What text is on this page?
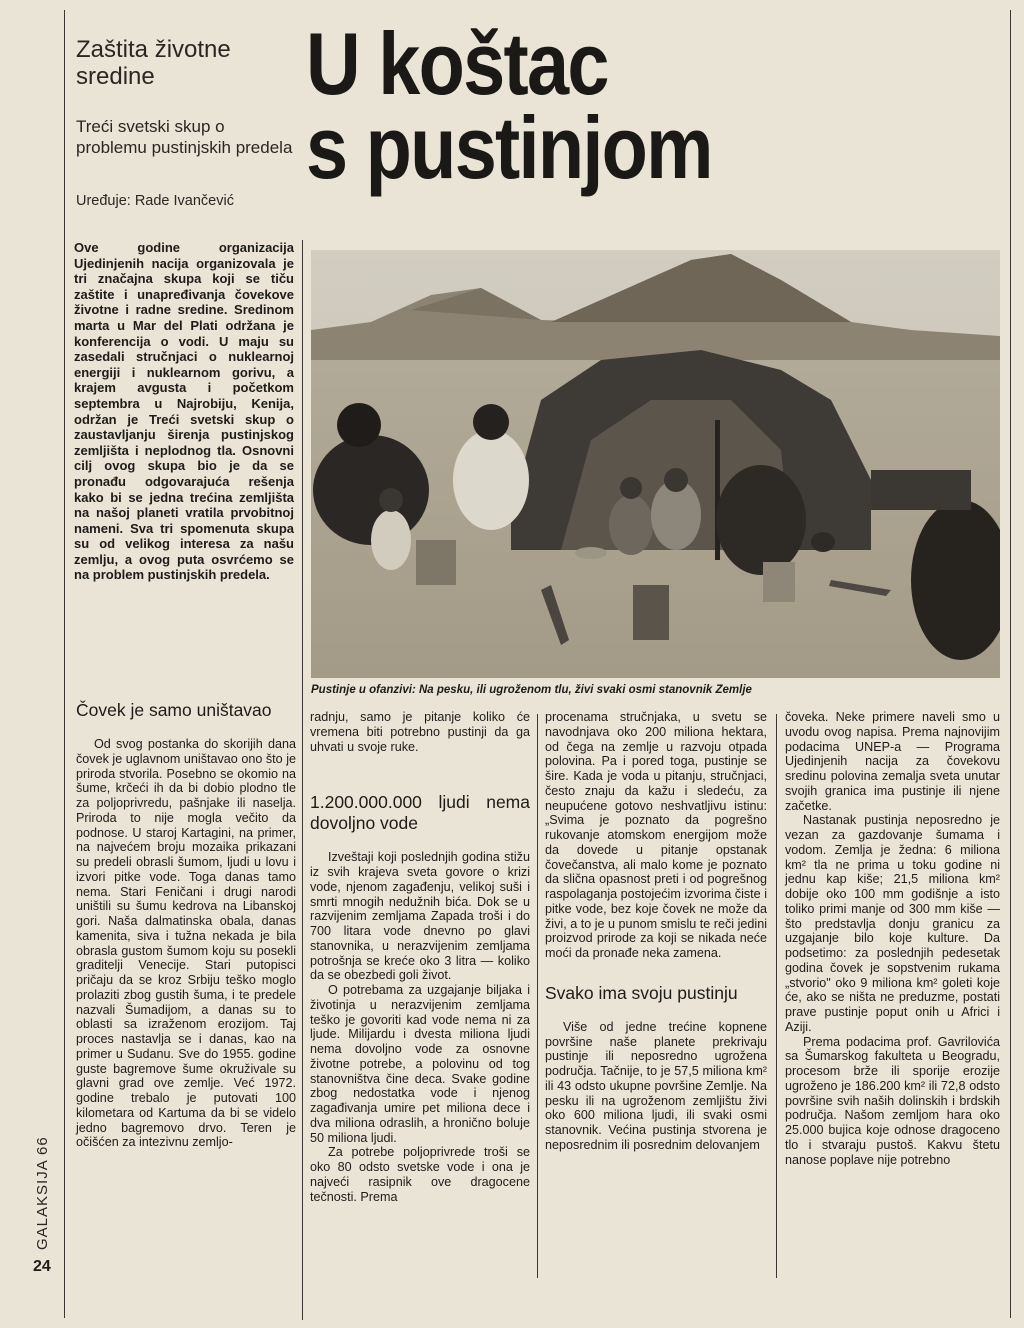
Zaštita životne sredine
Treći svetski skup o problemu pustinjskih predela
Uređuje: Rade Ivančević
U koštac
s pustinjom
Ove godine organizacija Ujedinjenih nacija organizovala je tri značajna skupa koji se tiču zaštite i unapređivanja čovekove životne i radne sredine. Sredinom marta u Mar del Plati održana je konferencija o vodi. U maju su zasedali stručnjaci o nuklearnoj energiji i nuklearnom gorivu, a krajem avgusta i početkom septembra u Najrobiju, Kenija, održan je Treći svetski skup o zaustavljanju širenja pustinjskog zemljišta i neplodnog tla. Osnovni cilj ovog skupa bio je da se pronađu odgovarajuća rešenja kako bi se jedna trećina zemljišta na našoj planeti vratila prvobitnoj nameni. Sva tri spomenuta skupa su od velikog interesa za našu zemlju, a ovog puta osvrćemo se na problem pustinjskih predela.
Pustinje u ofanzivi: Na pesku, ili ugroženom tlu, živi svaki osmi stanovnik Zemlje
Čovek je samo uništavao

Od svog postanka do skorijih dana čovek je uglavnom uništavao ono što je priroda stvorila. Posebno se okomio na šume, krčeći ih da bi dobio plodno tle za poljoprivredu, pašnjake ili naselja. Priroda to nije mogla večito da podnose. U staroj Kartagini, na primer, na najvećem broju mozaika prikazani su predeli obrasli šumom, ljudi u lovu i izvori pitke vode. Toga danas tamo nema. Stari Feničani i drugi narodi uništili su šumu kedrova na Libanskoj gori. Naša dalmatinska obala, danas kamenita, siva i tužna nekada je bila obrasla gustom šumom koju su posekli graditelji Venecije. Stari putopisci pričaju da se kroz Srbiju teško moglo prolaziti zbog gustih šuma, i te predele nazvali Šumadijom, a danas su to oblasti sa izraženom erozijom. Taj proces nastavlja se i danas, kao na primer u Sudanu. Sve do 1955. godine guste bagremove šume okruživale su glavni grad ove zemlje. Već 1972. godine trebalo je putovati 100 kilometara od Kartuma da bi se videlo jedno bagremovo drvo. Teren je očišćen za intezivnu zemljo-

radnju, samo je pitanje koliko će vremena biti potrebno pustinji da ga uhvati u svoje ruke.

1.200.000.000 ljudi nema dovoljno vode

Izveštaji koji poslednjih godina stižu iz svih krajeva sveta govore o krizi vode, njenom zagađenju, velikoj suši i smrti mnogih nedužnih bića. Dok se u razvijenim zemljama Zapada troši i do 700 litara vode dnevno po glavi stanovnika, u nerazvijenim zemljama potrošnja se kreće oko 3 litra — koliko da se obezbedi goli život.

O potrebama za uzgajanje biljaka i životinja u nerazvijenim zemljama teško je govoriti kad vode nema ni za ljude. Milijardu i dvesta miliona ljudi nema dovoljno vode za osnovne životne potrebe, a polovinu od tog stanovništva čine deca. Svake godine zbog nedostatka vode i njenog zagađivanja umire pet miliona dece i dva miliona odraslih, a hronično boluje 50 miliona ljudi.

Za potrebe poljoprivrede troši se oko 80 odsto svetske vode i ona je najveći rasipnik ove dragocene tečnosti. Prema

procenama stručnjaka, u svetu se navodnjava oko 200 miliona hektara, od čega na zemlje u razvoju otpada polovina. Pa i pored toga, pustinje se šire. Kada je voda u pitanju, stručnjaci, često znaju da kažu i sledeću, za neupućene gotovo neshvatljivu istinu: „Svima je poznato da pogrešno rukovanje atomskom energijom može da dovede u pitanje opstanak čovečanstva, ali malo kome je poznato da slična opasnost preti i od pogrešnog raspolaganja postojećim izvorima čiste i pitke vode, bez koje čovek ne može da živi, a to je u punom smislu te reči jedini proizvod prirode za koji se nikada neće moći da pronađe neka zamena.

Svako ima svoju pustinju

Više od jedne trećine kopnene površine naše planete prekrivaju pustinje ili neposredno ugrožena područja. Tačnije, to je 57,5 miliona km² ili 43 odsto ukupne površine Zemlje. Na pesku ili na ugroženom zemljištu živi oko 600 miliona ljudi, ili svaki osmi stanovnik. Većina pustinja stvorena je neposrednim ili posrednim delovanjem

čoveka. Neke primere naveli smo u uvodu ovog napisa. Prema najnovijim podacima UNEP-a — Programa Ujedinjenih nacija za čovekovu sredinu polovina zemalja sveta unutar svojih granica ima pustinje ili njene začetke.

Nastanak pustinja neposredno je vezan za gazdovanje šumama i vodom. Zemlja je žedna: 6 miliona km² tla ne prima u toku godine ni jednu kap kiše; 21,5 miliona km² dobije oko 100 mm godišnje a isto toliko primi manje od 300 mm kiše — što predstavlja donju granicu za uzgajanje bilo koje kulture. Da podsetimo: za poslednjih pedesetak godina čovek je sopstvenim rukama „stvorio" oko 9 miliona km² goleti koje će, ako se ništa ne preduzme, postati prave pustinje poput onih u Africi i Aziji.

Prema podacima prof. Gavrilovića sa Šumarskog fakulteta u Beogradu, procesom brže ili sporije erozije ugroženo je 186.200 km² ili 72,8 odsto površine svih naših dolinskih i brdskih područja. Našom zemljom hara oko 25.000 bujica koje odnose dragoceno tlo i stvaraju pustoš. Kakvu štetu nanose poplave nije potrebno

GALAKSIJA 66
24
